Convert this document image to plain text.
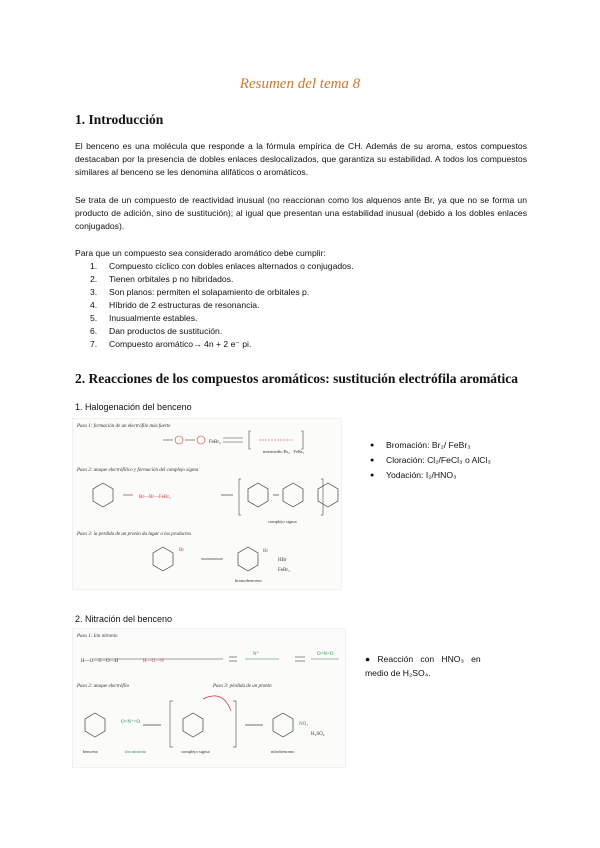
Resumen del tema 8
1. Introducción

El benceno es una molécula que responde a la fórmula empírica de CH. Además de su aroma, estos compuestos destacaban por la presencia de dobles enlaces deslocalizados, que garantiza su estabilidad. A todos los compuestos similares al benceno se les denomina alifáticos o aromáticos.

Se trata de un compuesto de reactividad inusual (no reaccionan como los alquenos ante Br, ya que no se forma un producto de adición, sino de sustitución); al igual que presentan una estabilidad inusual (debido a los dobles enlaces conjugados).

Para que un compuesto sea considerado aromático debe cumplir:

1.	Compuesto cíclico con dobles enlaces alternados o conjugados.
2.	Tienen orbitales p no hibridados.
3.	Son planos: permiten el solapamiento de orbitales p.
4.	Híbrido de 2 estructuras de resonancia.
5.	Inusualmente estables.
6.	Dan productos de sustitución.
7.	Compuesto aromático→ 4n + 2 e⁻ pi.
2. Reacciones de los compuestos aromáticos: sustitución electrófila aromática

1. Halogenación del benceno

Paso 1: formación de un electrófilo más fuerte
FeBr₃
intermedio Br₂ · FeBr₃
Paso 2: ataque electrófilico y formación del complejo sigma
Br—Br—FeBr₃
complejo sigma
Paso 3: la perdida de un protón da lugar a los productos
Br	Br
HBr
FeBr₃
bromobenceno
●	Bromación: Br₂/ FeBr₃
●	Cloración: Cl₂/FeCl₃ o AlCl₃
●	Yodación: I₂/HNO₃

2. Nitración del benceno

Paso 1: Ión nitronio
H—O—S—O—H	H—O—N
N⁺	O=N=O
Paso 2: ataque electrófilo	Paso 3: pérdida de un protón
O=N⁺=O	NO₂
H₂SO₄
benceno	ión nitronio	complejo sigma	nitrobenceno
●   Reacción   con   HNO₃   en
medio de H₂SO₄.
